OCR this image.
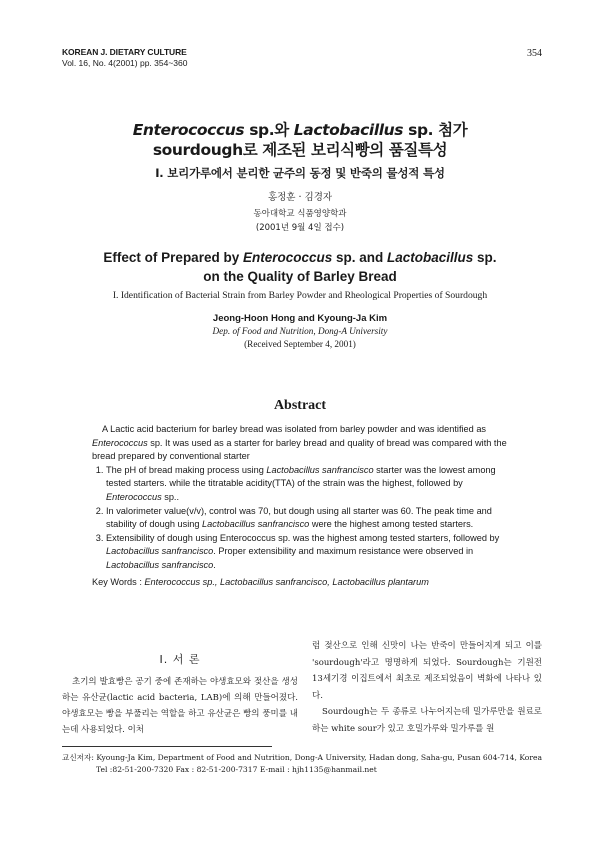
KOREAN J. DIETARY CULTURE
Vol. 16, No. 4(2001) pp. 354~360
354
Enterococcus sp.와 Lactobacillus sp. 첨가
sourdough로 제조된 보리식빵의 품질특성
I. 보리가루에서 분리한 균주의 동정 및 반죽의 물성적 특성
홍정훈 · 김경자
동아대학교 식품영양학과
(2001년 9월 4일 접수)
Effect of Prepared by Enterococcus sp. and Lactobacillus sp.
on the Quality of Barley Bread
I. Identification of Bacterial Strain from Barley Powder and Rheological Properties of Sourdough
Jeong-Hoon Hong and Kyoung-Ja Kim
Dep. of Food and Nutrition, Dong-A University
(Received September 4, 2001)
Abstract

A Lactic acid bacterium for barley bread was isolated from barley powder and was identified as Enterococcus sp. It was used as a starter for barley bread and quality of bread was compared with the bread prepared by conventional starter

1. The pH of bread making process using Lactobacillus sanfrancisco starter was the lowest among tested starters. while the titratable acidity(TTA) of the strain was the highest, followed by Enterococcus sp..
2. In valorimeter value(v/v), control was 70, but dough using all starter was 60. The peak time and stability of dough using Lactobacillus sanfrancisco were the highest among tested starters.
3. Extensibility of dough using Enterococcus sp. was the highest among tested starters, followed by Lactobacillus sanfrancisco. Proper extensibility and maximum resistance were observed in Lactobacillus sanfrancisco.

Key Words : Enterococcus sp., Lactobacillus sanfrancisco, Lactobacillus plantarum

I. 서 론

초기의 발효빵은 공기 중에 존재하는 야생효모와 젖산을 생성하는 유산균(lactic acid bacteria, LAB)에 의해 만들어졌다. 야생효모는 빵을 부풀리는 역할을 하고 유산균은 빵의 풍미를 내는데 사용되었다. 이처

럼 젖산으로 인해 신맛이 나는 반죽이 만들어지게 되고 이를 'sourdough'라고 명명하게 되었다. Sourdough는 기원전 13세기경 이집트에서 최초로 제조되었음이 벽화에 나타나 있다.

Sourdough는 두 종류로 나누어지는데 밀가루만을 원료로 하는 white sour가 있고 호밀가루와 밀가루를 원

교신저자: Kyoung-Ja Kim, Department of Food and Nutrition, Dong-A University, Hadan dong, Saha-gu, Pusan 604-714, Korea
Tel :82-51-200-7320 Fax : 82-51-200-7317 E-mail : hjh1135@hanmail.net
